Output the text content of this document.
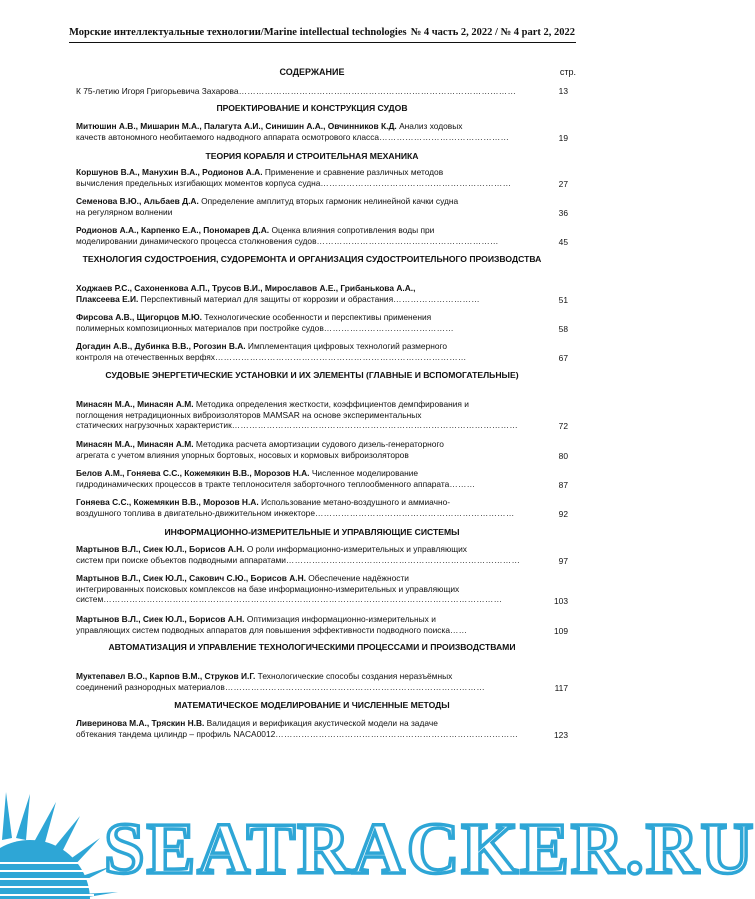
Морские интеллектуальные технологии/Marine intellectual technologies № 4 часть 2, 2022 / № 4 part 2, 2022
СОДЕРЖАНИЕ	стр.
К 75-летию Игоря Григорьевича Захарова……………………………………………………………………………………	13
ПРОЕКТИРОВАНИЕ И КОНСТРУКЦИЯ СУДОВ
Митюшин А.В., Мишарин М.А., Палагута А.И., Синишин А.А., Овчинников К.Д. Анализ ходовых
качеств автономного необитаемого надводного аппарата осмотрового класса………………………………………	19
ТЕОРИЯ КОРАБЛЯ И СТРОИТЕЛЬНАЯ МЕХАНИКА
Коршунов В.А., Манухин В.А., Родионов А.А. Применение и сравнение различных методов
вычисления предельных изгибающих моментов корпуса судна…………………………………………………………	27
Семенова В.Ю., Альбаев Д.А. Определение амплитуд вторых гармоник нелинейной качки судна
на регулярном волнении	36
Родионов А.А., Карпенко Е.А., Пономарев Д.А. Оценка влияния сопротивления воды при
моделировании динамического процесса столкновения судов………………………………………………………	45
ТЕХНОЛОГИЯ СУДОСТРОЕНИЯ, СУДОРЕМОНТА И ОРГАНИЗАЦИЯ СУДОСТРОИТЕЛЬНОГО ПРОИЗВОДСТВА
Ходжаев Р.С., Сахоненкова А.П., Трусов В.И., Мирославов А.Е., Грибанькова А.А.,
Плаксеева Е.И. Перспективный материал для защиты от коррозии и обрастания…………………………	51
Фирсова А.В., Щигорцов М.Ю. Технологические особенности и перспективы применения
полимерных композиционных материалов при постройке судов………………………………………	58
Догадин А.В., Дубинка В.В., Рогозин В.А. Имплементация цифровых технологий размерного
контроля на отечественных верфях……………………………………………………………………………	67
СУДОВЫЕ ЭНЕРГЕТИЧЕСКИЕ УСТАНОВКИ И ИХ ЭЛЕМЕНТЫ (ГЛАВНЫЕ И ВСПОМОГАТЕЛЬНЫЕ)
Минасян М.А., Минасян А.М. Методика определения жесткости, коэффициентов демпфирования и
поглощения нетрадиционных виброизоляторов MAMSAR на основе экспериментальных
статических нагрузочных характеристик………………………………………………………………………………………	72
Минасян М.А., Минасян А.М. Методика расчета амортизации судового дизель-генераторного
агрегата с учетом влияния упорных бортовых, носовых и кормовых виброизоляторов	80
Белов А.М., Гоняева С.С., Кожемякин В.В., Морозов Н.А. Численное моделирование
гидродинамических процессов в тракте теплоносителя заборточного теплообменного аппарата………	87
Гоняева С.С., Кожемякин В.В., Морозов Н.А. Использование метано-воздушного и аммиачно-
воздушного топлива в двигательно-движительном инжекторе……………………………………………………………	92
ИНФОРМАЦИОННО-ИЗМЕРИТЕЛЬНЫЕ И УПРАВЛЯЮЩИЕ СИСТЕМЫ
Мартынов В.Л., Сиек Ю.Л., Борисов А.Н. О роли информационно-измерительных и управляющих
систем при поиске объектов подводными аппаратами………………………………………………………………………	97
Мартынов В.Л., Сиек Ю.Л., Сакович С.Ю., Борисов А.Н. Обеспечение надёжности
интегрированных поисковых комплексов на базе информационно-измерительных и управляющих
систем…………………………………………………………………………………………………………………………	103
Мартынов В.Л., Сиек Ю.Л., Борисов А.Н. Оптимизация информационно-измерительных и
управляющих систем подводных аппаратов для повышения эффективности подводного поиска……	109
АВТОМАТИЗАЦИЯ И УПРАВЛЕНИЕ ТЕХНОЛОГИЧЕСКИМИ ПРОЦЕССАМИ И ПРОИЗВОДСТВАМИ
Муктепавел В.О., Карпов В.М., Струков И.Г. Технологические способы создания неразъёмных
соединений разнородных материалов………………………………………………………………………………	117
МАТЕМАТИЧЕСКОЕ МОДЕЛИРОВАНИЕ И ЧИСЛЕННЫЕ МЕТОДЫ
Ливеринова М.А., Тряскин Н.В. Валидация и верификация акустической модели на задаче
обтекания тандема цилиндр – профиль NACA0012…………………………………………………………………………	123
SEATRACKER.RU
